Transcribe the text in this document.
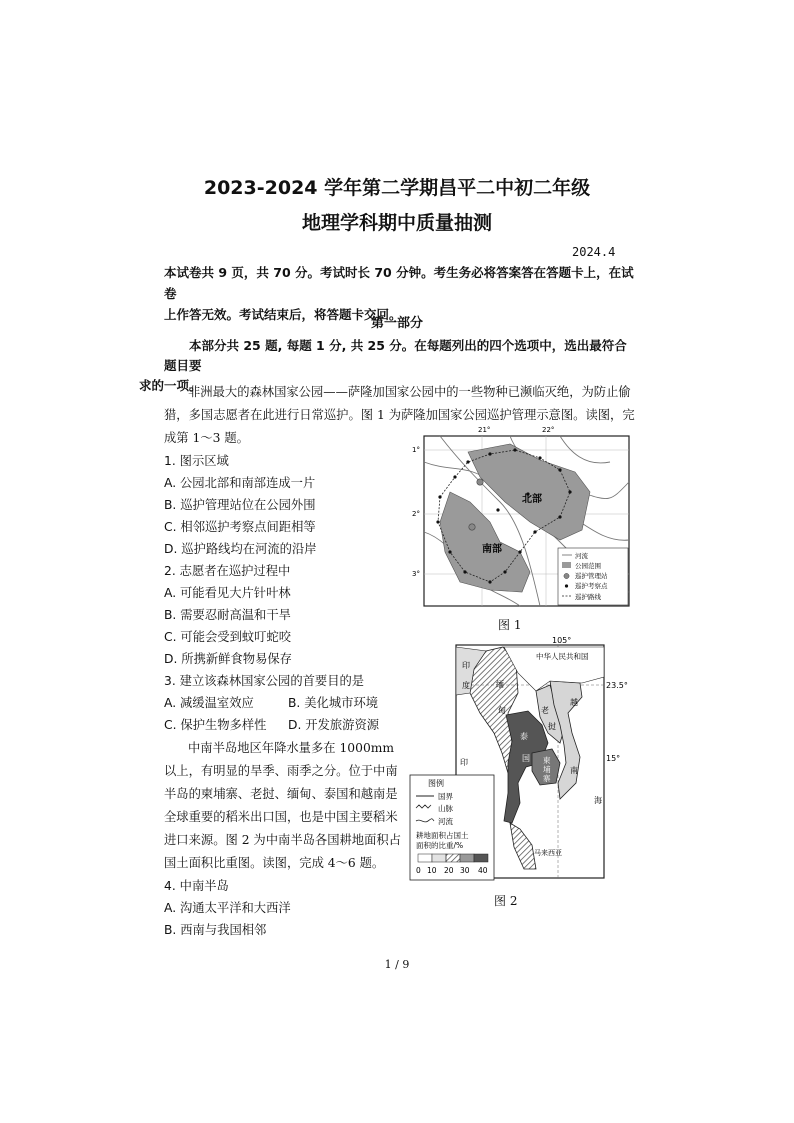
2023-2024 学年第二学期昌平二中初二年级
地理学科期中质量抽测
2024.4
本试卷共 9 页，共 70 分。考试时长 70 分钟。考生务必将答案答在答题卡上，在试卷
上作答无效。考试结束后，将答题卡交回。
第一部分
本部分共 25 题, 每题 1 分, 共 25 分。在每题列出的四个选项中，选出最符合题目要
求的一项。
非洲最大的森林国家公园——萨隆加国家公园中的一些物种已濒临灭绝，为防止偷
猎，多国志愿者在此进行日常巡护。图 1 为萨隆加国家公园巡护管理示意图。读图，完
成第 1～3 题。
1. 图示区域
A. 公园北部和南部连成一片
B. 巡护管理站位在公园外围
C. 相邻巡护考察点间距相等
D. 巡护路线均在河流的沿岸
2. 志愿者在巡护过程中
A. 可能看见大片针叶林
B. 需要忍耐高温和干旱
C. 可能会受到蚊叮蛇咬
D. 所携新鲜食物易保存
3. 建立该森林国家公园的首要目的是
A. 减缓温室效应	B. 美化城市环境
C. 保护生物多样性 D. 开发旅游资源
中南半岛地区年降水量多在 1000mm
以上，有明显的旱季、雨季之分。位于中南
半岛的柬埔寨、老挝、缅甸、泰国和越南是
全球重要的稻米出口国，也是中国主要稻米
进口来源。图 2 为中南半岛各国耕地面积占
国土面积比重图。读图，完成 4～6 题。
4. 中南半岛
A. 沟通太平洋和大西洋
B. 西南与我国相邻
21°	22°
1°
2°
3°
北部
南部
河流
公园范围
巡护管理站
巡护考察点
巡护路线
图 1
105°
23.5°
15°
中华人民共和国
印
度
印
泰
国
老
挝
越
南
柬
埔
寨
马来西亚
缅
甸
海
图例
国界
山脉
河流
耕地面积占国土
面积的比重/%
0 10 20 30 40
图 2
1 / 9
